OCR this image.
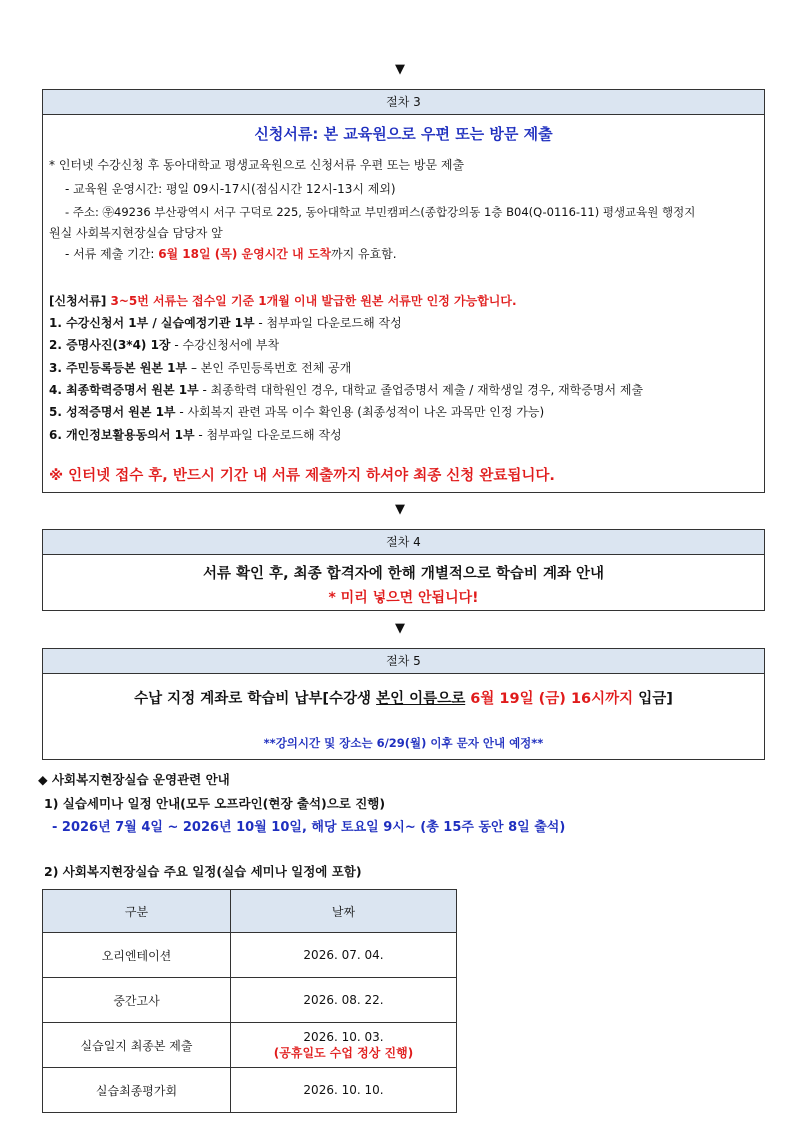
▼
절차 3
신청서류: 본 교육원으로 우편 또는 방문 제출
* 인터넷 수강신청 후 동아대학교 평생교육원으로 신청서류 우편 또는 방문 제출
- 교육원 운영시간: 평일 09시-17시(점심시간 12시-13시 제외)
- 주소: ㉾49236 부산광역시 서구 구덕로 225, 동아대학교 부민캠퍼스(종합강의동 1층 B04(Q-0116-11) 평생교육원 행정지
원실 사회복지현장실습 담당자 앞
- 서류 제출 기간: 6월 18일 (목) 운영시간 내 도착까지 유효함.
[신청서류] 3~5번 서류는 접수일 기준 1개월 이내 발급한 원본 서류만 인정 가능합니다.
1. 수강신청서 1부 / 실습예정기관 1부 - 첨부파일 다운로드해 작성
2. 증명사진(3*4) 1장 - 수강신청서에 부착
3. 주민등록등본 원본 1부 – 본인 주민등록번호 전체 공개
4. 최종학력증명서 원본 1부 - 최종학력 대학원인 경우, 대학교 졸업증명서 제출 / 재학생일 경우, 재학증명서 제출
5. 성적증명서 원본 1부 - 사회복지 관련 과목 이수 확인용 (최종성적이 나온 과목만 인정 가능)
6. 개인정보활용동의서 1부 - 첨부파일 다운로드해 작성
※ 인터넷 접수 후, 반드시 기간 내 서류 제출까지 하셔야 최종 신청 완료됩니다.
▼
절차 4
서류 확인 후, 최종 합격자에 한해 개별적으로 학습비 계좌 안내
* 미리 넣으면 안됩니다!
▼
절차 5
수납 지정 계좌로 학습비 납부[수강생 본인 이름으로 6월 19일 (금) 16시까지 입금]
**강의시간 및 장소는 6/29(월) 이후 문자 안내 예정**
◆ 사회복지현장실습 운영관련 안내
1) 실습세미나 일정 안내(모두 오프라인(현장 출석)으로 진행)
- 2026년 7월 4일 ~ 2026년 10월 10일, 해당 토요일 9시~ (총 15주 동안 8일 출석)
2) 사회복지현장실습 주요 일정(실습 세미나 일정에 포함)
구분	날짜
오리엔테이션	2026. 07. 04.
중간고사	2026. 08. 22.
실습일지 최종본 제출	2026. 10. 03.
(공휴일도 수업 정상 진행)

실습최종평가회	2026. 10. 10.
